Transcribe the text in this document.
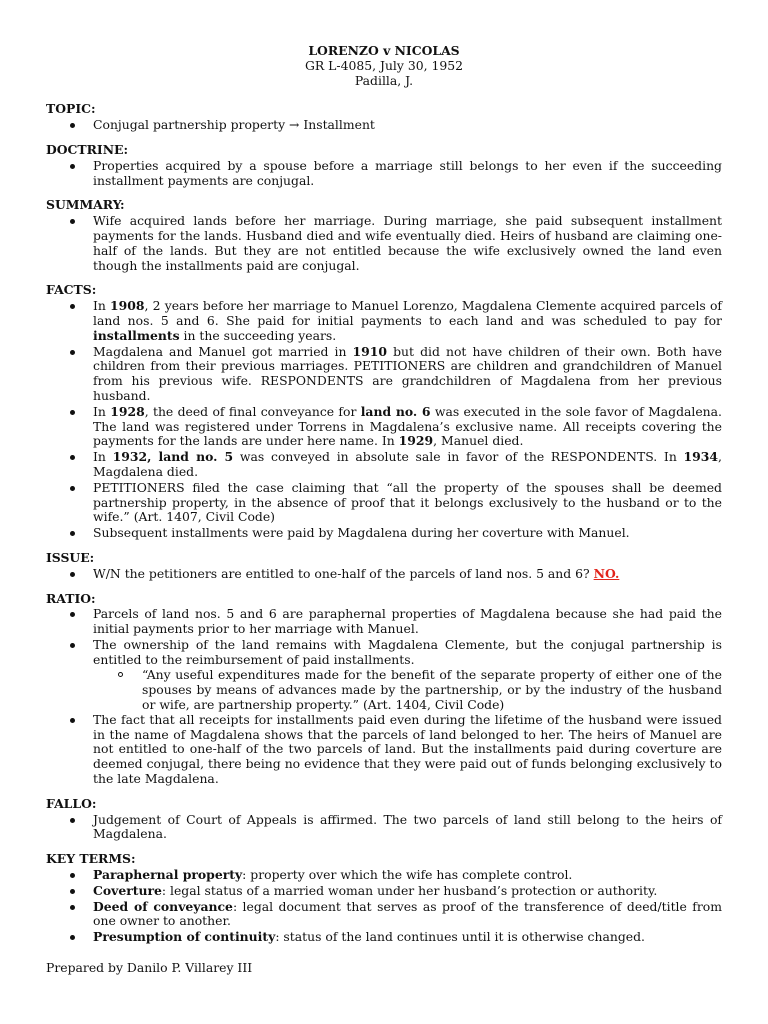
LORENZO v NICOLAS
GR L-4085, July 30, 1952
Padilla, J.
TOPIC:
Conjugal partnership property → Installment
DOCTRINE:
Properties acquired by a spouse before a marriage still belongs to her even if the succeeding installment payments are conjugal.
SUMMARY:
Wife acquired lands before her marriage. During marriage, she paid subsequent installment payments for the lands. Husband died and wife eventually died. Heirs of husband are claiming one-half of the lands. But they are not entitled because the wife exclusively owned the land even though the installments paid are conjugal.
FACTS:
In 1908, 2 years before her marriage to Manuel Lorenzo, Magdalena Clemente acquired parcels of land nos. 5 and 6. She paid for initial payments to each land and was scheduled to pay for installments in the succeeding years.
Magdalena and Manuel got married in 1910 but did not have children of their own. Both have children from their previous marriages. PETITIONERS are children and grandchildren of Manuel from his previous wife. RESPONDENTS are grandchildren of Magdalena from her previous husband.
In 1928, the deed of final conveyance for land no. 6 was executed in the sole favor of Magdalena. The land was registered under Torrens in Magdalena’s exclusive name. All receipts covering the payments for the lands are under here name. In 1929, Manuel died.
In 1932, land no. 5 was conveyed in absolute sale in favor of the RESPONDENTS. In 1934, Magdalena died.
PETITIONERS filed the case claiming that “all the property of the spouses shall be deemed partnership property, in the absence of proof that it belongs exclusively to the husband or to the wife.” (Art. 1407, Civil Code)
Subsequent installments were paid by Magdalena during her coverture with Manuel.
ISSUE:
W/N the petitioners are entitled to one-half of the parcels of land nos. 5 and 6? NO.
RATIO:
Parcels of land nos. 5 and 6 are paraphernal properties of Magdalena because she had paid the initial payments prior to her marriage with Manuel.
The ownership of the land remains with Magdalena Clemente, but the conjugal partnership is entitled to the reimbursement of paid installments.
“Any useful expenditures made for the benefit of the separate property of either one of the spouses by means of advances made by the partnership, or by the industry of the husband or wife, are partnership property.” (Art. 1404, Civil Code)
The fact that all receipts for installments paid even during the lifetime of the husband were issued in the name of Magdalena shows that the parcels of land belonged to her. The heirs of Manuel are not entitled to one-half of the two parcels of land. But the installments paid during coverture are deemed conjugal, there being no evidence that they were paid out of funds belonging exclusively to the late Magdalena.
FALLO:
Judgement of Court of Appeals is affirmed. The two parcels of land still belong to the heirs of Magdalena.
KEY TERMS:
Paraphernal property: property over which the wife has complete control.
Coverture: legal status of a married woman under her husband’s protection or authority.
Deed of conveyance: legal document that serves as proof of the transference of deed/title from one owner to another.
Presumption of continuity: status of the land continues until it is otherwise changed.
Prepared by Danilo P. Villarey III
